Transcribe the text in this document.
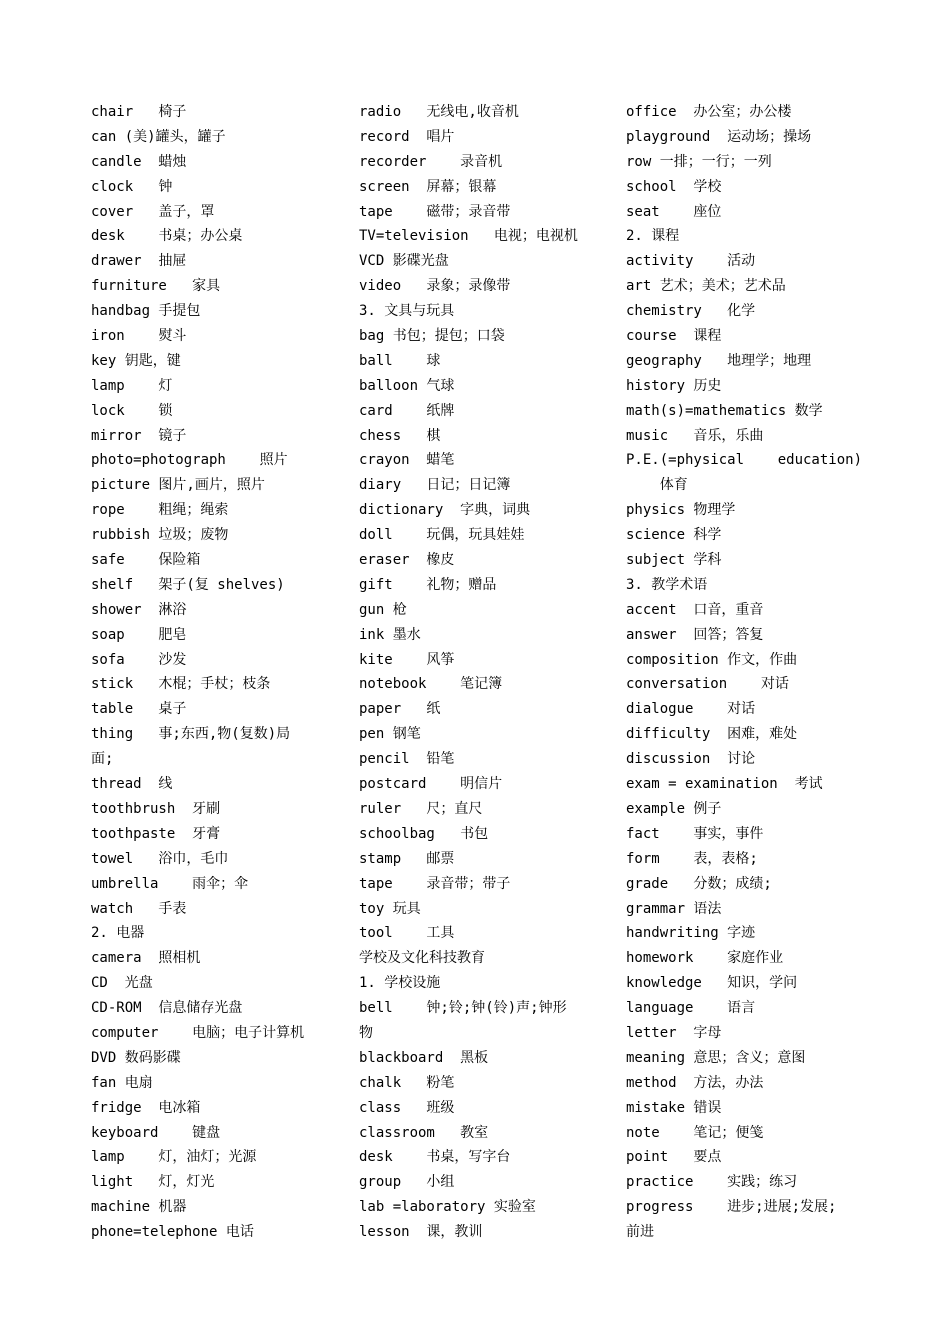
chair   椅子
can (美)罐头，罐子
candle  蜡烛
clock   钟
cover   盖子，罩
desk    书桌；办公桌
drawer  抽屉
furniture   家具
handbag 手提包
iron    熨斗
key 钥匙，键
lamp    灯
lock    锁
mirror  镜子
photo=photograph    照片
picture 图片,画片，照片
rope    粗绳；绳索
rubbish 垃圾；废物
safe    保险箱
shelf   架子(复 shelves)
shower  淋浴
soap    肥皂
sofa    沙发
stick   木棍；手杖；枝条
table   桌子
thing   事;东西,物(复数)局
面;
thread  线
toothbrush  牙刷
toothpaste  牙膏
towel   浴巾，毛巾
umbrella    雨伞；伞
watch   手表
2. 电器
camera  照相机
CD  光盘
CD-ROM  信息储存光盘
computer    电脑；电子计算机
DVD 数码影碟
fan 电扇
fridge  电冰箱
keyboard    键盘
lamp    灯，油灯；光源
light   灯，灯光
machine 机器
phone=telephone 电话
radio   无线电,收音机
record  唱片
recorder    录音机
screen  屏幕；银幕
tape    磁带；录音带
TV=television   电视；电视机
VCD 影碟光盘
video   录象；录像带
3. 文具与玩具
bag 书包；提包；口袋
ball    球
balloon 气球
card    纸牌
chess   棋
crayon  蜡笔
diary   日记；日记簿
dictionary  字典，词典
doll    玩偶，玩具娃娃
eraser  橡皮
gift    礼物；赠品
gun 枪
ink 墨水
kite    风筝
notebook    笔记簿
paper   纸
pen 钢笔
pencil  铅笔
postcard    明信片
ruler   尺；直尺
schoolbag   书包
stamp   邮票
tape    录音带；带子
toy 玩具
tool    工具
学校及文化科技教育
1. 学校设施
bell    钟;铃;钟(铃)声;钟形
物
blackboard  黑板
chalk   粉笔
class   班级
classroom   教室
desk    书桌，写字台
group   小组
lab =laboratory 实验室
lesson  课，教训
office  办公室；办公楼
playground  运动场；操场
row 一排；一行；一列
school  学校
seat    座位
2. 课程
activity    活动
art 艺术；美术；艺术品
chemistry   化学
course  课程
geography   地理学；地理
history 历史
math(s)=mathematics 数学
music   音乐，乐曲
P.E.(=physical    education)
体育
physics 物理学
science 科学
subject 学科
3. 教学术语
accent  口音，重音
answer  回答；答复
composition 作文，作曲
conversation    对话
dialogue    对话
difficulty  困难，难处
discussion  讨论
exam = examination  考试
example 例子
fact    事实，事件
form    表，表格;
grade   分数；成绩;
grammar 语法
handwriting 字迹
homework    家庭作业
knowledge   知识，学问
language    语言
letter  字母
meaning 意思；含义；意图
method  方法，办法
mistake 错误
note    笔记；便笺
point   要点
practice    实践；练习
progress    进步;进展;发展;
前进
